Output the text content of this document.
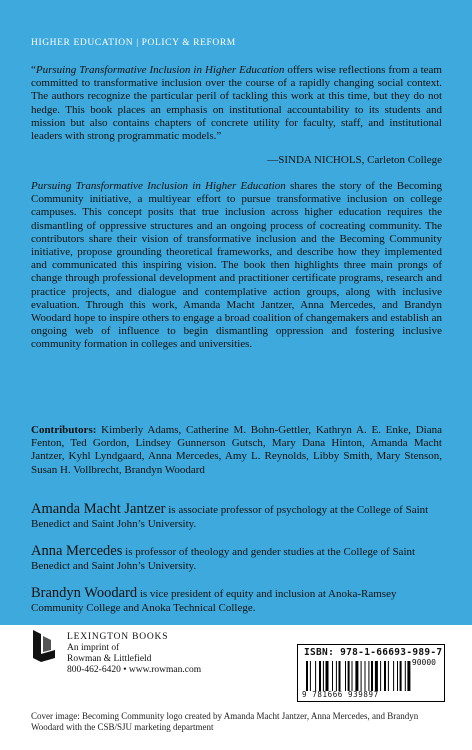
HIGHER EDUCATION | POLICY & REFORM
“Pursuing Transformative Inclusion in Higher Education offers wise reflections from a team committed to transformative inclusion over the course of a rapidly changing social context. The authors recognize the particular peril of tackling this work at this time, but they do not hedge. This book places an emphasis on institutional accountability to its students and mission but also contains chapters of concrete utility for faculty, staff, and institutional leaders with strong programmatic models.”
—SINDA NICHOLS, Carleton College
Pursuing Transformative Inclusion in Higher Education shares the story of the Becoming Community initiative, a multiyear effort to pursue transformative inclusion on college campuses. This concept posits that true inclusion across higher education requires the dismantling of oppressive structures and an ongoing process of cocreating community. The contributors share their vision of transformative inclusion and the Becoming Community initiative, propose grounding theoretical frameworks, and describe how they implemented and communicated this inspiring vision. The book then highlights three main prongs of change through professional development and practitioner certificate programs, research and practice projects, and dialogue and contemplative action groups, along with inclusive evaluation. Through this work, Amanda Macht Jantzer, Anna Mercedes, and Brandyn Woodard hope to inspire others to engage a broad coalition of changemakers and establish an ongoing web of influence to begin dismantling oppression and fostering inclusive community formation in colleges and universities.
Contributors: Kimberly Adams, Catherine M. Bohn-Gettler, Kathryn A. E. Enke, Diana Fenton, Ted Gordon, Lindsey Gunnerson Gutsch, Mary Dana Hinton, Amanda Macht Jantzer, Kyhl Lyndgaard, Anna Mercedes, Amy L. Reynolds, Libby Smith, Mary Stenson, Susan H. Vollbrecht, Brandyn Woodard
Amanda Macht Jantzer is associate professor of psychology at the College of Saint Benedict and Saint John’s University.
Anna Mercedes is professor of theology and gender studies at the College of Saint Benedict and Saint John’s University.
Brandyn Woodard is vice president of equity and inclusion at Anoka-Ramsey Community College and Anoka Technical College.
LEXINGTON BOOKS
An imprint of
Rowman & Littlefield
800-462-6420 • www.rowman.com
ISBN: 978-1-66693-989-7
90000
9 781666 939897
Cover image: Becoming Community logo created by Amanda Macht Jantzer, Anna Mercedes, and Brandyn Woodard with the CSB/SJU marketing department
